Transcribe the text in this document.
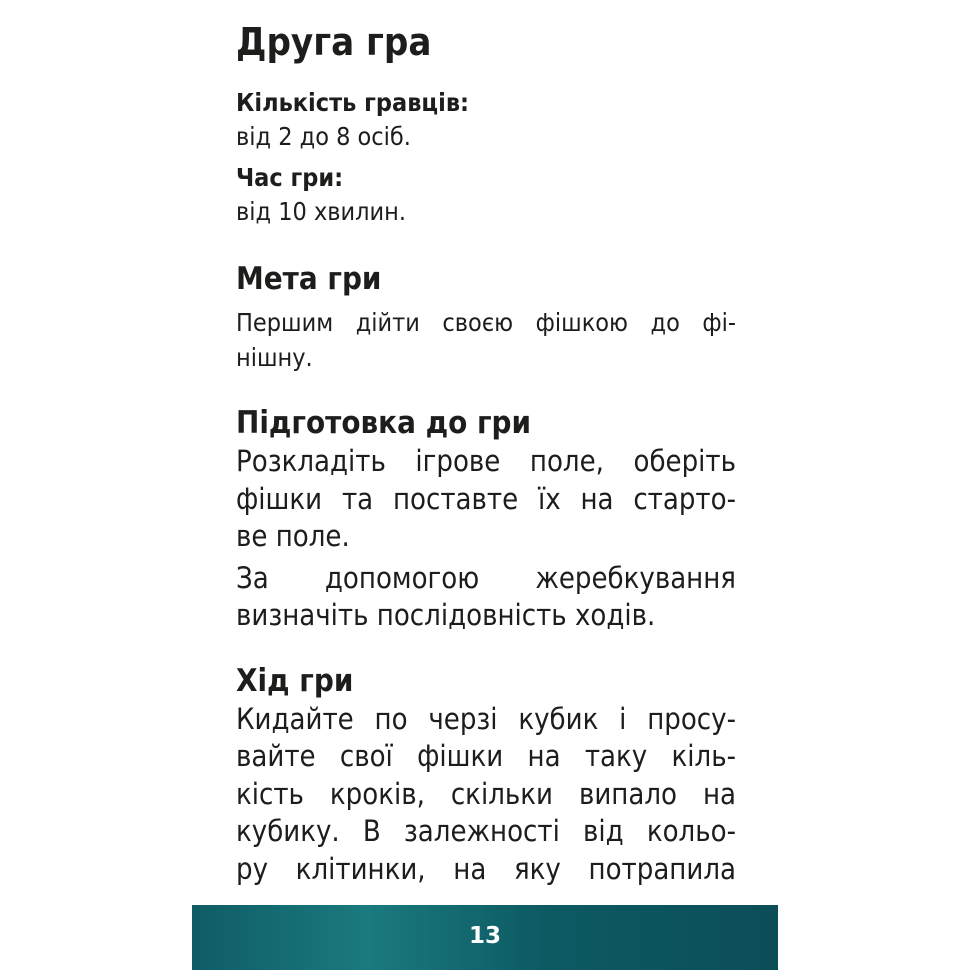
Друга гра

Кількість гравців:

від 2 до 8 осіб.

Час гри:

від 10 хвилин.

Мета гри

Першим дійти своєю фішкою до фі-
нішну.

Підготовка до гри

Розкладіть ігрове поле, оберіть
фішки та поставте їх на старто-
ве поле.

За допомогою жеребкування
визначіть послідовність ходів.

Хід гри

Кидайте по черзі кубик і просу-
вайте свої фішки на таку кіль-
кість кроків, скільки випало на
кубику. В залежності від кольо-
ру клітинки, на яку потрапила

13
